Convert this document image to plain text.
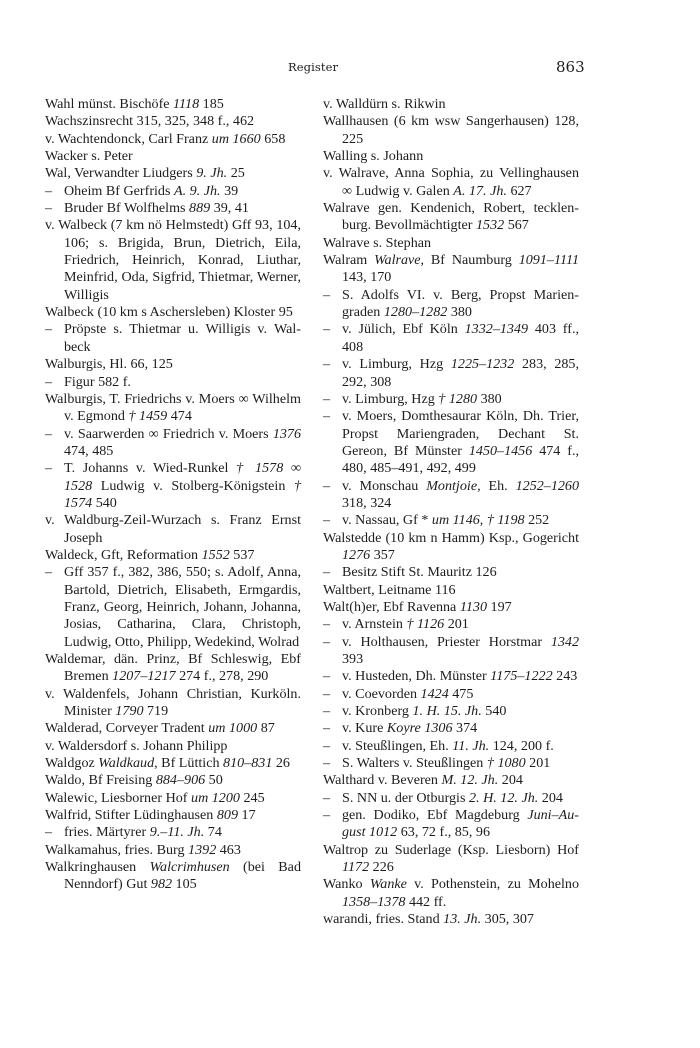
Register	863
Wahl münst. Bischöfe 1118 185
Wachszinsrecht 315, 325, 348 f., 462
v. Wachtendonck, Carl Franz um 1660 658
Wacker s. Peter
Wal, Verwandter Liudgers 9. Jh. 25
– Oheim Bf Gerfrids A. 9. Jh. 39
– Bruder Bf Wolfhelms 889 39, 41
v. Walbeck (7 km nö Helmstedt) Gff 93, 104, 106; s. Brigida, Brun, Dietrich, Eila, Friedrich, Heinrich, Konrad, Liuthar, Meinfrid, Oda, Sigfrid, Thietmar, Werner, Willigis
Walbeck (10 km s Aschersleben) Kloster 95
– Pröpste s. Thietmar u. Willigis v. Walbeck
Walburgis, Hl. 66, 125
– Figur 582 f.
Walburgis, T. Friedrichs v. Moers ∞ Wilhelm v. Egmond † 1459 474
– v. Saarwerden ∞ Friedrich v. Moers 1376 474, 485
– T. Johanns v. Wied-Runkel † 1578 ∞ 1528 Ludwig v. Stolberg-Königstein † 1574 540
v. Waldburg-Zeil-Wurzach s. Franz Ernst Joseph
Waldeck, Gft, Reformation 1552 537
– Gff 357 f., 382, 386, 550; s. Adolf, Anna, Bartold, Dietrich, Elisabeth, Ermgardis, Franz, Georg, Heinrich, Johann, Johanna, Josias, Catharina, Clara, Christoph, Ludwig, Otto, Philipp, Wedekind, Wolrad
Waldemar, dän. Prinz, Bf Schleswig, Ebf Bremen 1207–1217 274 f., 278, 290
v. Waldenfels, Johann Christian, Kurköln. Minister 1790 719
Walderad, Corveyer Tradent um 1000 87
v. Waldersdorf s. Johann Philipp
Waldgoz Waldkaud, Bf Lüttich 810–831 26
Waldo, Bf Freising 884–906 50
Walewic, Liesborner Hof um 1200 245
Walfrid, Stifter Lüdinghausen 809 17
– fries. Märtyrer 9.–11. Jh. 74
Walkamahus, fries. Burg 1392 463
Walkringhausen Walcrimhusen (bei Bad Nenndorf) Gut 982 105
v. Walldürn s. Rikwin
Wallhausen (6 km wsw Sangerhausen) 128, 225
Walling s. Johann
v. Walrave, Anna Sophia, zu Vellinghausen ∞ Ludwig v. Galen A. 17. Jh. 627
Walrave gen. Kendenich, Robert, tecklenburg. Bevollmächtigter 1532 567
Walrave s. Stephan
Walram Walrave, Bf Naumburg 1091–1111 143, 170
– S. Adolfs VI. v. Berg, Propst Mariengraden 1280–1282 380
– v. Jülich, Ebf Köln 1332–1349 403 ff., 408
– v. Limburg, Hzg 1225–1232 283, 285, 292, 308
– v. Limburg, Hzg † 1280 380
– v. Moers, Domthesaurar Köln, Dh. Trier, Propst Mariengraden, Dechant St. Gereon, Bf Münster 1450–1456 474 f., 480, 485–491, 492, 499
– v. Monschau Montjoie, Eh. 1252–1260 318, 324
– v. Nassau, Gf * um 1146, † 1198 252
Walstedde (10 km n Hamm) Ksp., Gogericht 1276 357
– Besitz Stift St. Mauritz 126
Waltbert, Leitname 116
Walt(h)er, Ebf Ravenna 1130 197
– v. Arnstein † 1126 201
– v. Holthausen, Priester Horstmar 1342 393
– v. Husteden, Dh. Münster 1175–1222 243
– v. Coevorden 1424 475
– v. Kronberg 1. H. 15. Jh. 540
– v. Kure Koyre 1306 374
– v. Steußlingen, Eh. 11. Jh. 124, 200 f.
– S. Walters v. Steußlingen † 1080 201
Walthard v. Beveren M. 12. Jh. 204
– S. NN u. der Otburgis 2. H. 12. Jh. 204
– gen. Dodiko, Ebf Magdeburg Juni–August 1012 63, 72 f., 85, 96
Waltrop zu Suderlage (Ksp. Liesborn) Hof 1172 226
Wanko Wanke v. Pothenstein, zu Mohelno 1358–1378 442 ff.
warandi, fries. Stand 13. Jh. 305, 307
